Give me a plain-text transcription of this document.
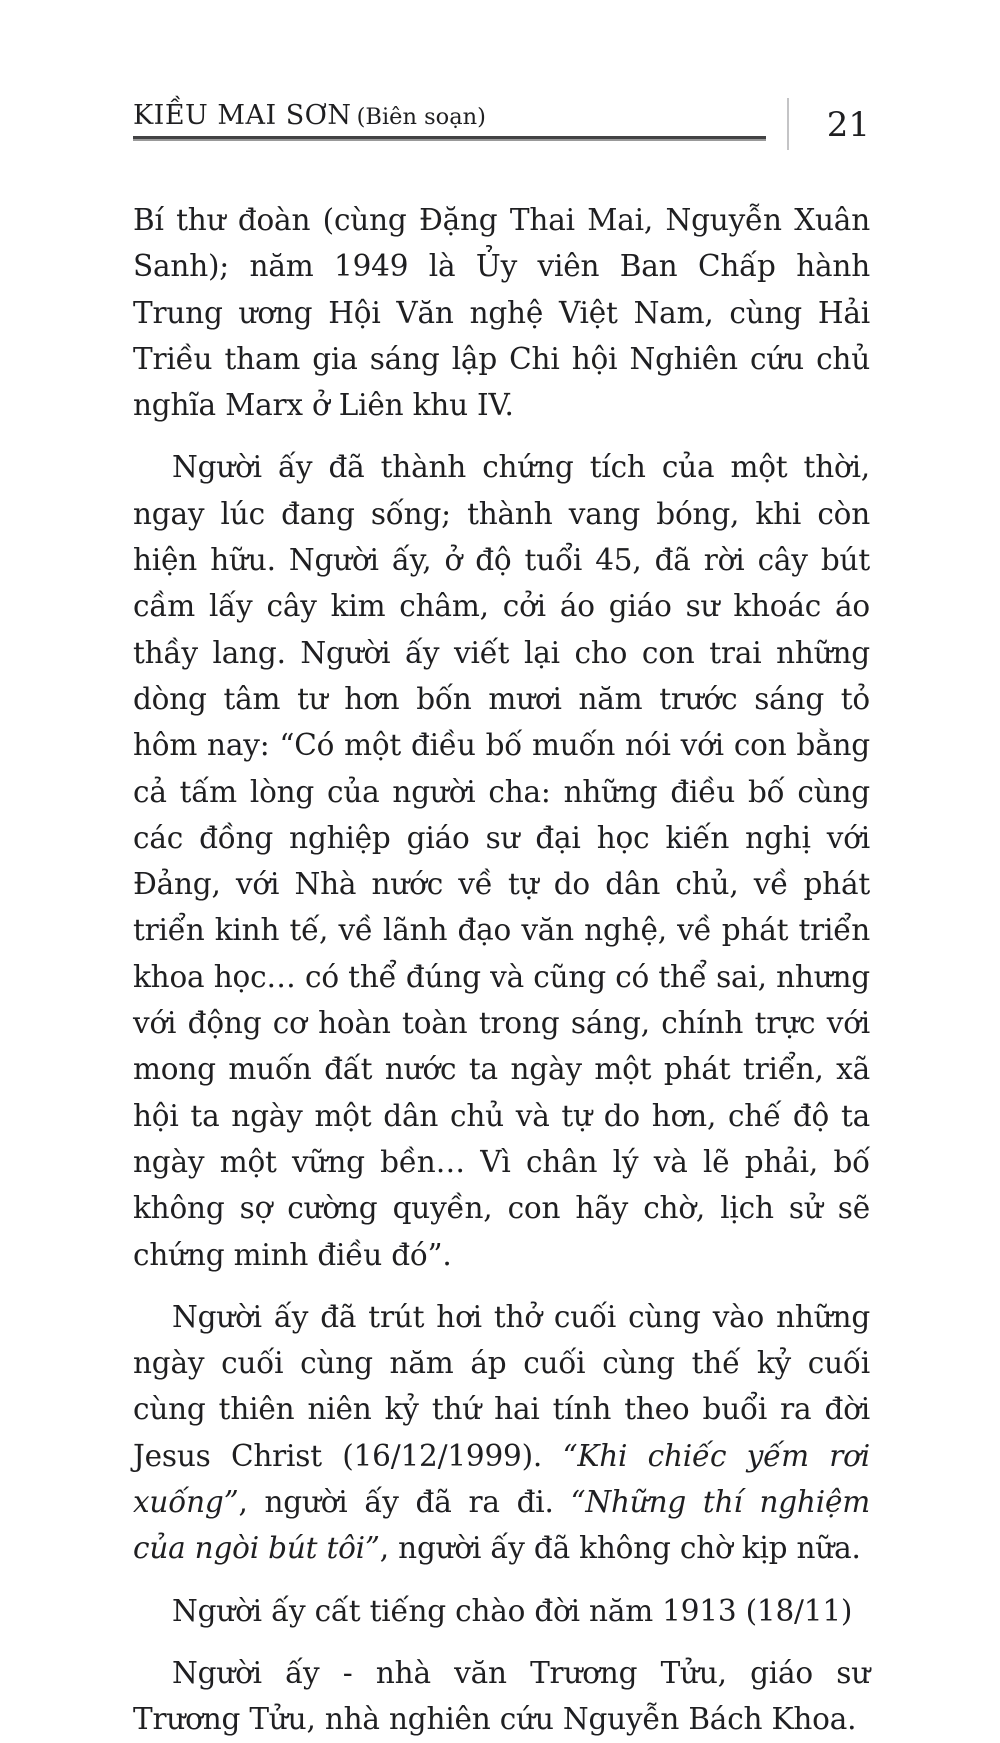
KIỀU MAI SƠN (Biên soạn)	21

Bí thư đoàn (cùng Đặng Thai Mai, Nguyễn Xuân Sanh); năm 1949 là Ủy viên Ban Chấp hành Trung ương Hội Văn nghệ Việt Nam, cùng Hải Triều tham gia sáng lập Chi hội Nghiên cứu chủ nghĩa Marx ở Liên khu IV.

Người ấy đã thành chứng tích của một thời, ngay lúc đang sống; thành vang bóng, khi còn hiện hữu. Người ấy, ở độ tuổi 45, đã rời cây bút cầm lấy cây kim châm, cởi áo giáo sư khoác áo thầy lang. Người ấy viết lại cho con trai những dòng tâm tư hơn bốn mươi năm trước sáng tỏ hôm nay: “Có một điều bố muốn nói với con bằng cả tấm lòng của người cha: những điều bố cùng các đồng nghiệp giáo sư đại học kiến nghị với Đảng, với Nhà nước về tự do dân chủ, về phát triển kinh tế, về lãnh đạo văn nghệ, về phát triển khoa học… có thể đúng và cũng có thể sai, nhưng với động cơ hoàn toàn trong sáng, chính trực với mong muốn đất nước ta ngày một phát triển, xã hội ta ngày một dân chủ và tự do hơn, chế độ ta ngày một vững bền… Vì chân lý và lẽ phải, bố không sợ cường quyền, con hãy chờ, lịch sử sẽ chứng minh điều đó”.

Người ấy đã trút hơi thở cuối cùng vào những ngày cuối cùng năm áp cuối cùng thế kỷ cuối cùng thiên niên kỷ thứ hai tính theo buổi ra đời Jesus Christ (16/12/1999). “Khi chiếc yếm rơi xuống”, người ấy đã ra đi. “Những thí nghiệm của ngòi bút tôi”, người ấy đã không chờ kịp nữa.

Người ấy cất tiếng chào đời năm 1913 (18/11)

Người ấy - nhà văn Trương Tửu, giáo sư Trương Tửu, nhà nghiên cứu Nguyễn Bách Khoa.
